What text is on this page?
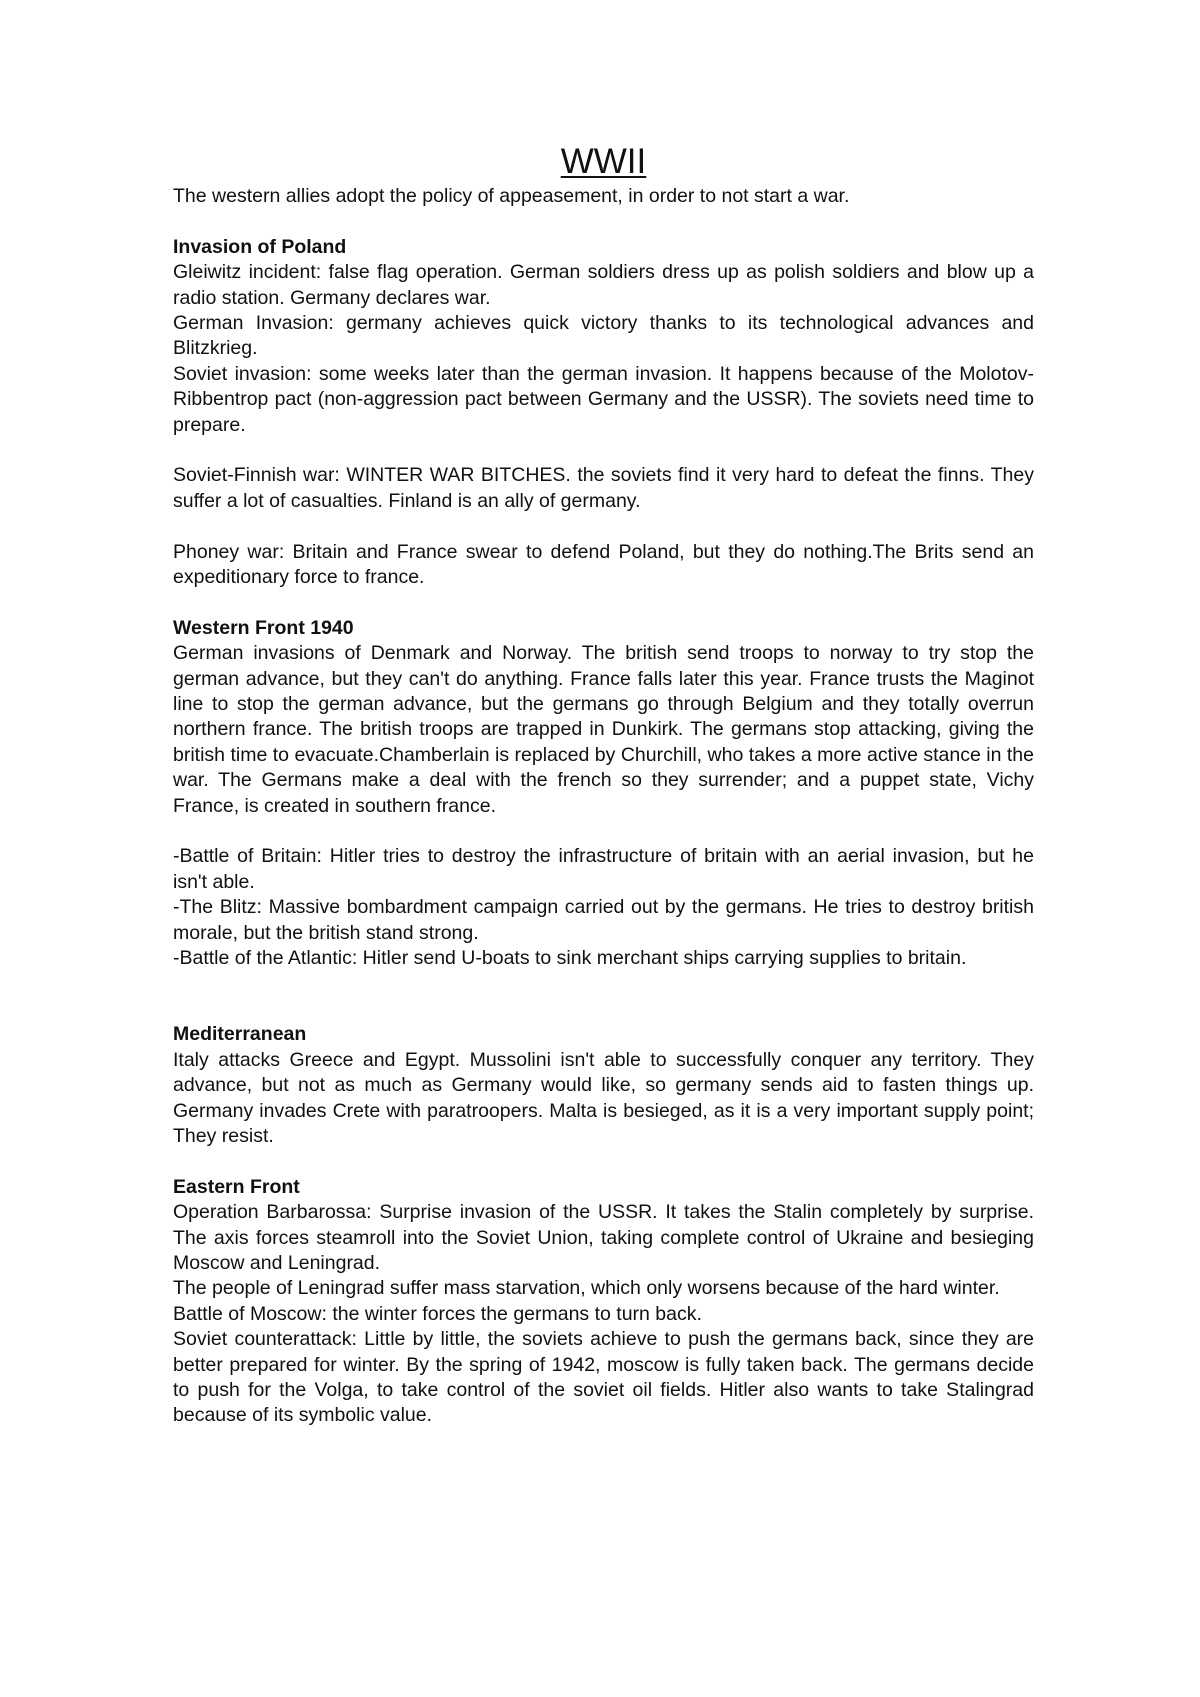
WWII

The western allies adopt the policy of appeasement, in order to not start a war.

Invasion of Poland

Gleiwitz incident: false flag operation. German soldiers dress up as polish soldiers and blow up a radio station. Germany declares war.

German Invasion: germany achieves quick victory thanks to its technological advances and Blitzkrieg.

Soviet invasion: some weeks later than the german invasion. It happens because of the Molotov-Ribbentrop pact (non-aggression pact between Germany and the USSR). The soviets need time to prepare.

Soviet-Finnish war: WINTER WAR BITCHES. the soviets find it very hard to defeat the finns. They suffer a lot of casualties. Finland is an ally of germany.

Phoney war: Britain and France swear to defend Poland, but they do nothing.The Brits send an expeditionary force to france.

Western Front 1940

German invasions of Denmark and Norway. The british send troops to norway to try stop the german advance, but they can't do anything. France falls later this year. France trusts the Maginot line to stop the german advance, but the germans go through Belgium and they totally overrun northern france. The british troops are trapped in Dunkirk. The germans stop attacking, giving the british time to evacuate.Chamberlain is replaced by Churchill, who takes a more active stance in the war. The Germans make a deal with the french so they surrender; and a puppet state, Vichy France, is created in southern france.

-Battle of Britain: Hitler tries to destroy the infrastructure of britain with an aerial invasion, but he isn't able.

-The Blitz: Massive bombardment campaign carried out by the germans. He tries to destroy british morale, but the british stand strong.

-Battle of the Atlantic: Hitler send U-boats to sink merchant ships carrying supplies to britain.

Mediterranean

Italy attacks Greece and Egypt. Mussolini isn't able to successfully conquer any territory. They advance, but not as much as Germany would like, so germany sends aid to fasten things up. Germany invades Crete with paratroopers. Malta is besieged, as it is a very important supply point; They resist.

Eastern Front

Operation Barbarossa: Surprise invasion of the USSR. It takes the Stalin completely by surprise. The axis forces steamroll into the Soviet Union, taking complete control of Ukraine and besieging Moscow and Leningrad.

The people of Leningrad suffer mass starvation, which only worsens because of the hard winter.

Battle of Moscow: the winter forces the germans to turn back.

Soviet counterattack: Little by little, the soviets achieve to push the germans back, since they are better prepared for winter. By the spring of 1942, moscow is fully taken back. The germans decide to push for the Volga, to take control of the soviet oil fields. Hitler also wants to take Stalingrad because of its symbolic value.
